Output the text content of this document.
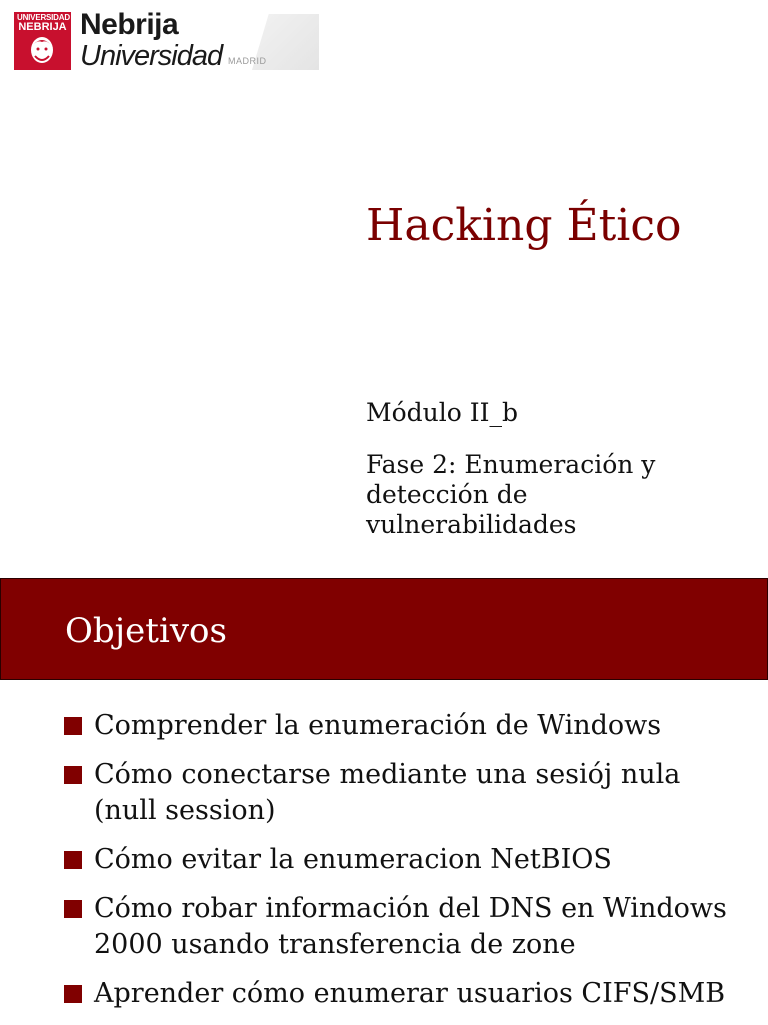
UNIVERSIDAD
NEBRIJA Nebrija
Universidad MADRID
Hacking Ético
Módulo II_b
Fase 2: Enumeración y detección de vulnerabilidades
Objetivos
Comprender la enumeración de Windows
Cómo conectarse mediante una sesiój nula (null session)
Cómo evitar la enumeracion NetBIOS
Cómo robar información del DNS en Windows 2000 usando transferencia de zone
Aprender cómo enumerar usuarios CIFS/SMB
